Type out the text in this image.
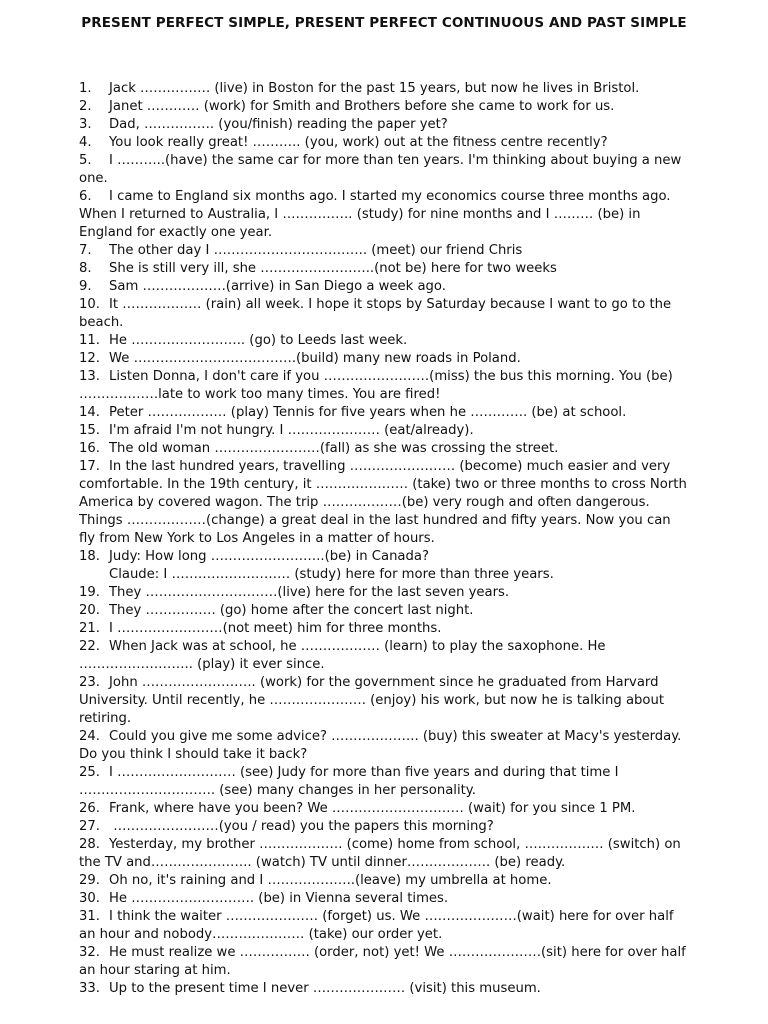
PRESENT PERFECT SIMPLE, PRESENT PERFECT CONTINUOUS AND PAST SIMPLE
1. Jack ……………. (live) in Boston for the past 15 years, but now he lives in Bristol.
2. Janet ………… (work) for Smith and Brothers before she came to work for us.
3. Dad, ……………. (you/finish) reading the paper yet?
4. You look really great! ……….. (you, work) out at the fitness centre recently?
5. I ………..(have) the same car for more than ten years. I'm thinking about buying a new one.
6. I came to England six months ago. I started my economics course three months ago. When I returned to Australia, I ……………. (study) for nine months and I ……… (be) in England for exactly one year.
7. The other day I …………………………….. (meet) our friend Chris
8. She is still very ill, she ……………………..(not be) here for two weeks
9. Sam ……………….(arrive) in San Diego a week ago.
10. It ……………… (rain) all week. I hope it stops by Saturday because I want to go to the beach.
11. He …………………….. (go) to Leeds last week.
12. We ……………………………….(build) many new roads in Poland.
13. Listen Donna, I don't care if you ……………………(miss) the bus this morning. You (be) ………………late to work too many times. You are fired!
14. Peter ……………… (play) Tennis for five years when he …………. (be) at school.
15. I'm afraid I'm not hungry. I ………………… (eat/already).
16. The old woman ……………………(fall) as she was crossing the street.
17. In the last hundred years, travelling …………………… (become) much easier and very comfortable. In the 19th century, it ………………… (take) two or three months to cross North America by covered wagon. The trip ………………(be) very rough and often dangerous. Things ………………(change) a great deal in the last hundred and fifty years. Now you can fly from New York to Los Angeles in a matter of hours.
18. Judy: How long ……………………..(be) in Canada?
Claude: I ……………………… (study) here for more than three years.
19. They …………………………(live) here for the last seven years.
20. They ……………. (go) home after the concert last night.
21. I ……………………(not meet) him for three months.
22. When Jack was at school, he ……………… (learn) to play the saxophone. He …………………….. (play) it ever since.
23. John …………………….. (work) for the government since he graduated from Harvard University. Until recently, he …………………. (enjoy) his work, but now he is talking about retiring.
24. Could you give me some advice? ……………….. (buy) this sweater at Macy's yesterday. Do you think I should take it back?
25. I ……………………… (see) Judy for more than five years and during that time I …………………………. (see) many changes in her personality.
26. Frank, where have you been? We ………………………… (wait) for you since 1 PM.
27. ……………………(you / read) you the papers this morning?
28. Yesterday, my brother ………………. (come) home from school, ……………… (switch) on the TV and………………….. (watch) TV until dinner………………. (be) ready.
29. Oh no, it's raining and I ………………..(leave) my umbrella at home.
30. He ………………………. (be) in Vienna several times.
31. I think the waiter ………………… (forget) us. We …………………(wait) here for over half an hour and nobody………………… (take) our order yet.
32. He must realize we ……………. (order, not) yet! We …………………(sit) here for over half an hour staring at him.
33. Up to the present time I never ………………… (visit) this museum.
